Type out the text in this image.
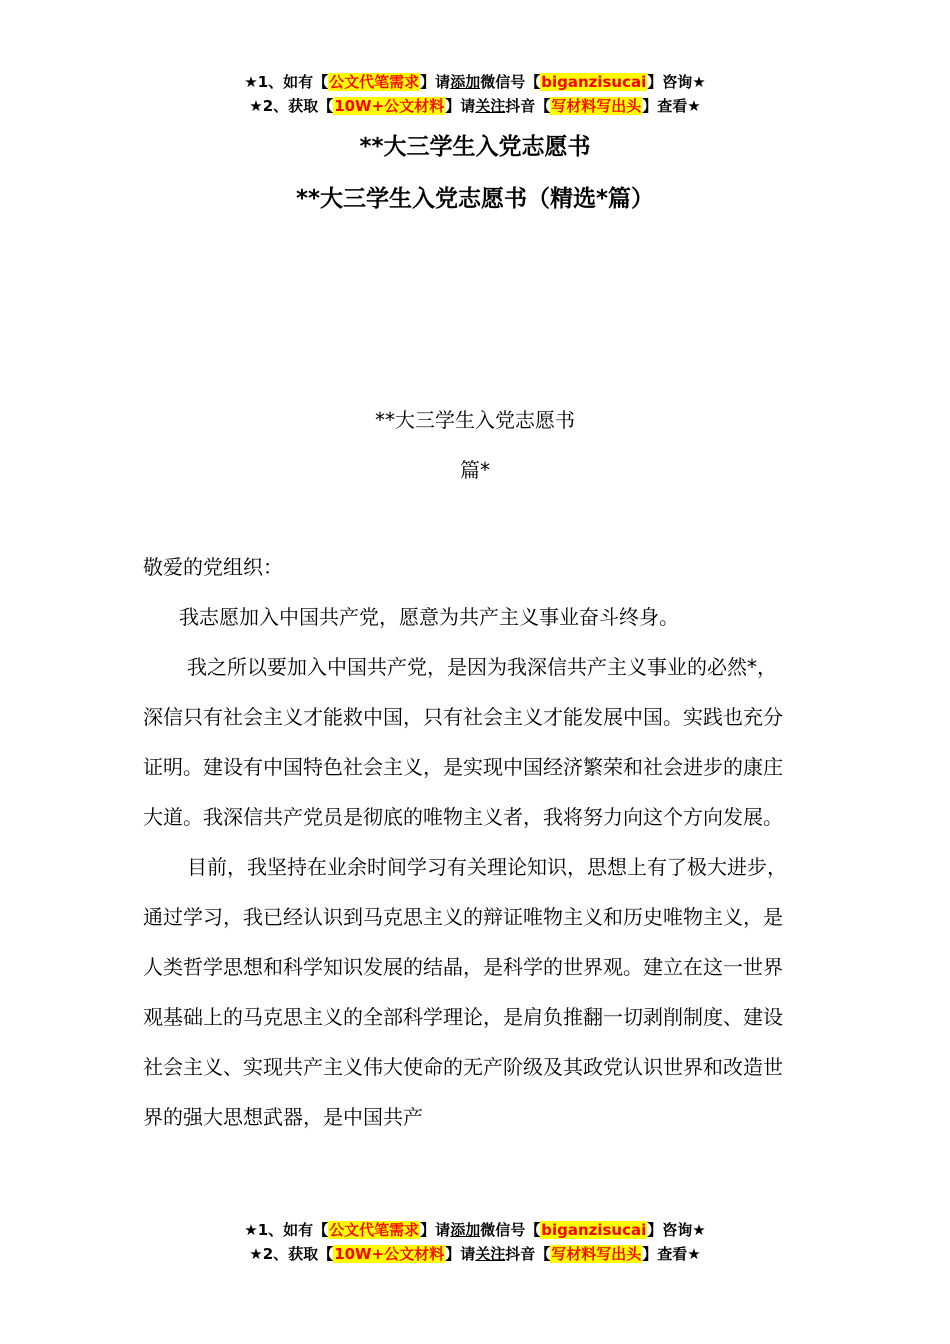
★1、如有【公文代笔需求】请添加微信号【biganzisucai】咨询★
★2、获取【10W+公文材料】请关注抖音【写材料写出头】查看★
**大三学生入党志愿书
**大三学生入党志愿书（精选*篇）
**大三学生入党志愿书
篇*

敬爱的党组织：

我志愿加入中国共产党，愿意为共产主义事业奋斗终身。

我之所以要加入中国共产党，是因为我深信共产主义事业的必然*，深信只有社会主义才能救中国，只有社会主义才能发展中国。实践也充分证明。建设有中国特色社会主义，是实现中国经济繁荣和社会进步的康庄大道。我深信共产党员是彻底的唯物主义者，我将努力向这个方向发展。

目前，我坚持在业余时间学习有关理论知识，思想上有了极大进步，通过学习，我已经认识到马克思主义的辩证唯物主义和历史唯物主义，是人类哲学思想和科学知识发展的结晶，是科学的世界观。建立在这一世界观基础上的马克思主义的全部科学理论，是肩负推翻一切剥削制度、建设社会主义、实现共产主义伟大使命的无产阶级及其政党认识世界和改造世界的强大思想武器，是中国共产

★1、如有【公文代笔需求】请添加微信号【biganzisucai】咨询★
★2、获取【10W+公文材料】请关注抖音【写材料写出头】查看★
